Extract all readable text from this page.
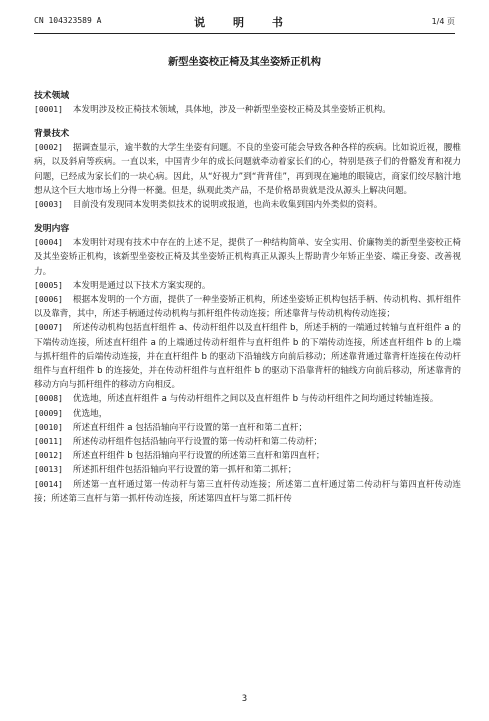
CN 104323589 A	说 明 书	1/4 页
新型坐姿校正椅及其坐姿矫正机构
技术领域

[0001] 本发明涉及校正椅技术领域，具体地，涉及一种新型坐姿校正椅及其坐姿矫正机构。

背景技术

[0002] 据调查显示，逾半数的大学生坐姿有问题。不良的坐姿可能会导致各种各样的疾病。比如说近视，腰椎病，以及斜肩等疾病。一直以来，中国青少年的成长问题就牵动着家长们的心，特别是孩子们的骨骼发育和视力问题，已经成为家长们的一块心病。因此，从“好视力”到“背背佳”，再到现在遍地的眼镜店，商家们绞尽脑汁地想从这个巨大地市场上分得一杯羹。但是，纵观此类产品，不是价格昂贵就是没从源头上解决问题。

[0003] 目前没有发现同本发明类似技术的说明或报道，也尚未收集到国内外类似的资料。

发明内容

[0004] 本发明针对现有技术中存在的上述不足，提供了一种结构简单、安全实用、价廉物美的新型坐姿校正椅及其坐姿矫正机构，该新型坐姿校正椅及其坐姿矫正机构真正从源头上帮助青少年矫正坐姿、端正身姿、改善视力。

[0005] 本发明是通过以下技术方案实现的。

[0006] 根据本发明的一个方面，提供了一种坐姿矫正机构，所述坐姿矫正机构包括手柄、传动机构、抓杆组件以及靠背，其中，所述手柄通过传动机构与抓杆组件传动连接；所述靠背与传动机构传动连接；

[0007] 所述传动机构包括直杆组件 a、传动杆组件以及直杆组件 b，所述手柄的一端通过转轴与直杆组件 a 的下端传动连接，所述直杆组件 a 的上端通过传动杆组件与直杆组件 b 的下端传动连接，所述直杆组件 b 的上端与抓杆组件的后端传动连接，并在直杆组件 b 的驱动下沿轴线方向前后移动；所述靠背通过靠背杆连接在传动杆组件与直杆组件 b 的连接处，并在传动杆组件与直杆组件 b 的驱动下沿靠背杆的轴线方向前后移动，所述靠背的移动方向与抓杆组件的移动方向相反。

[0008] 优选地，所述直杆组件 a 与传动杆组件之间以及直杆组件 b 与传动杆组件之间均通过转轴连接。

[0009] 优选地，

[0010] 所述直杆组件 a 包括沿轴向平行设置的第一直杆和第二直杆；

[0011] 所述传动杆组件包括沿轴向平行设置的第一传动杆和第二传动杆；

[0012] 所述直杆组件 b 包括沿轴向平行设置的所述第三直杆和第四直杆；

[0013] 所述抓杆组件包括沿轴向平行设置的第一抓杆和第二抓杆；

[0014] 所述第一直杆通过第一传动杆与第三直杆传动连接；所述第二直杆通过第二传动杆与第四直杆传动连接；所述第三直杆与第一抓杆传动连接，所述第四直杆与第二抓杆传

3
